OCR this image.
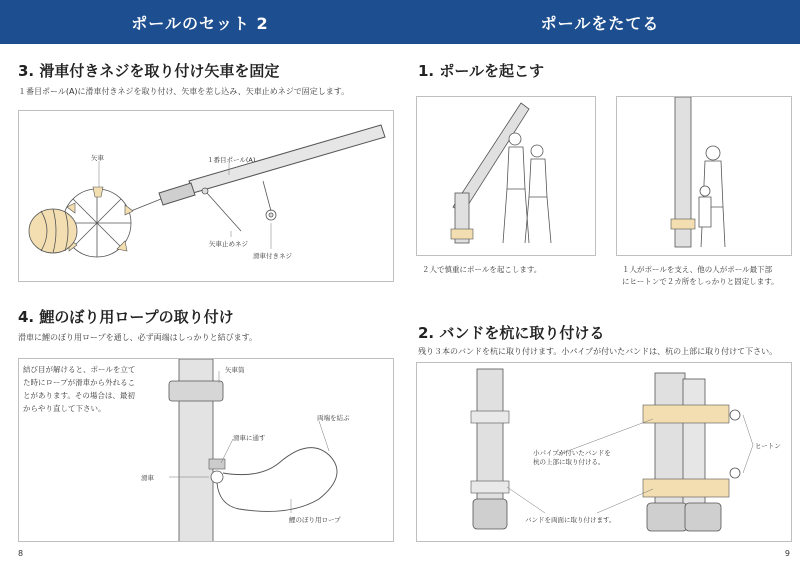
ポールのセット 2
3. 滑車付きネジを取り付け矢車を固定
１番目ポール(A)に滑車付きネジを取り付け、矢車を差し込み、矢車止めネジで固定します。
矢車	１番目ポール(A)
矢車止めネジ
滑車付きネジ
4. 鯉のぼり用ロープの取り付け
滑車に鯉のぼり用ロープを通し、必ず両端はしっかりと結びます。
結び目が解けると、ポールを立て
た時にロープが滑車から外れるこ
とがあります。その場合は、最初
からやり直して下さい。
矢車筒
滑車に通す
両端を結ぶ
滑車
鯉のぼり用ロープ
8
ポールをたてる
1. ポールを起こす
２人で慎重にポールを起こします。	１人がポールを支え、他の人がポール最下部
にヒートンで２カ所をしっかりと固定します。
2. バンドを杭に取り付ける
残り３本のバンドを杭に取り付けます。小パイプが付いたバンドは、杭の上部に取り付けて下さい。
小パイプが付いたバンドを
杭の上部に取り付ける。
バンドを両面に取り付けます。
ヒートン
9
